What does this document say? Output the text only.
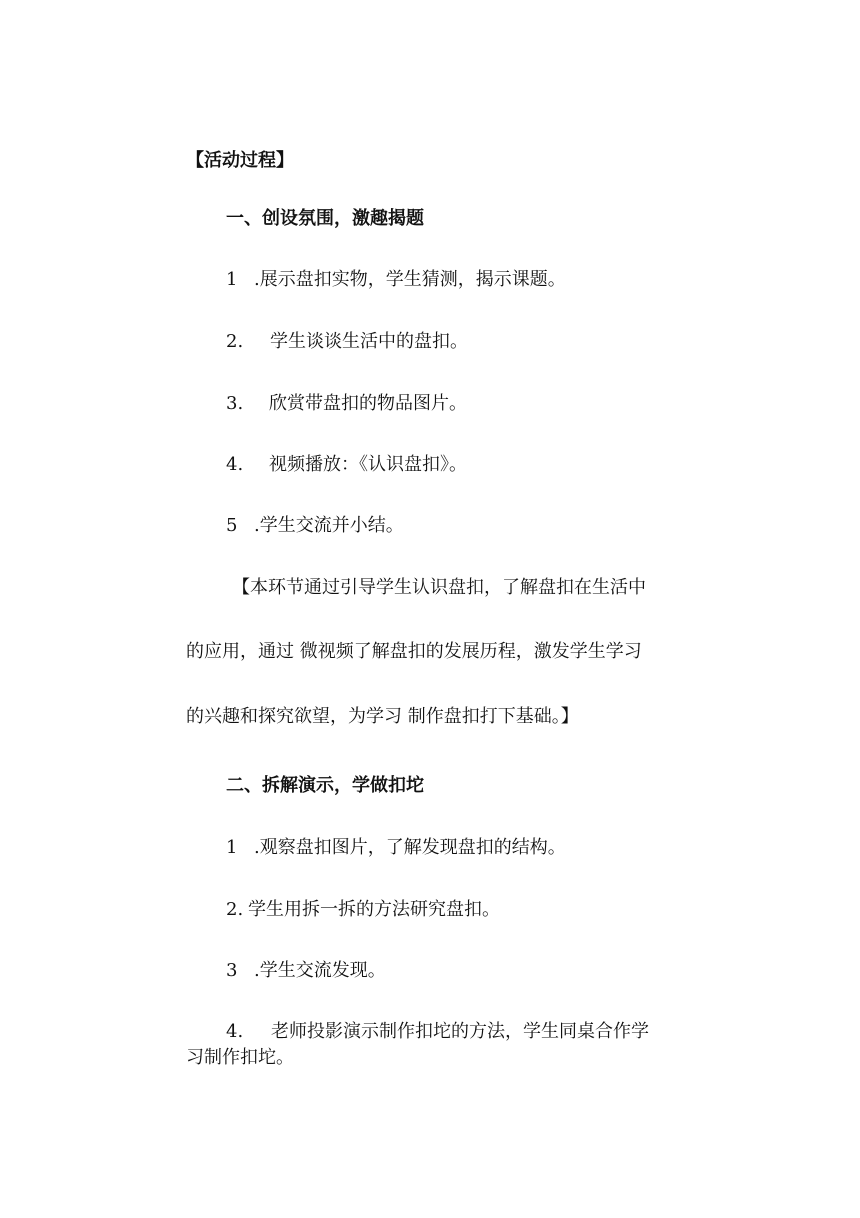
【活动过程】
一、创设氛围，激趣揭题
1 .展示盘扣实物，学生猜测，揭示课题。
2. 学生谈谈生活中的盘扣。
3. 欣赏带盘扣的物品图片。
4. 视频播放：《认识盘扣》。
5 .学生交流并小结。
【本环节通过引导学生认识盘扣，了解盘扣在生活中
的应用，通过 微视频了解盘扣的发展历程，激发学生学习
的兴趣和探究欲望，为学习 制作盘扣打下基础。】
二、拆解演示，学做扣坨
1 .观察盘扣图片，了解发现盘扣的结构。
2. 学生用拆一拆的方法研究盘扣。
3 .学生交流发现。
4. 老师投影演示制作扣坨的方法，学生同桌合作学
习制作扣坨。
